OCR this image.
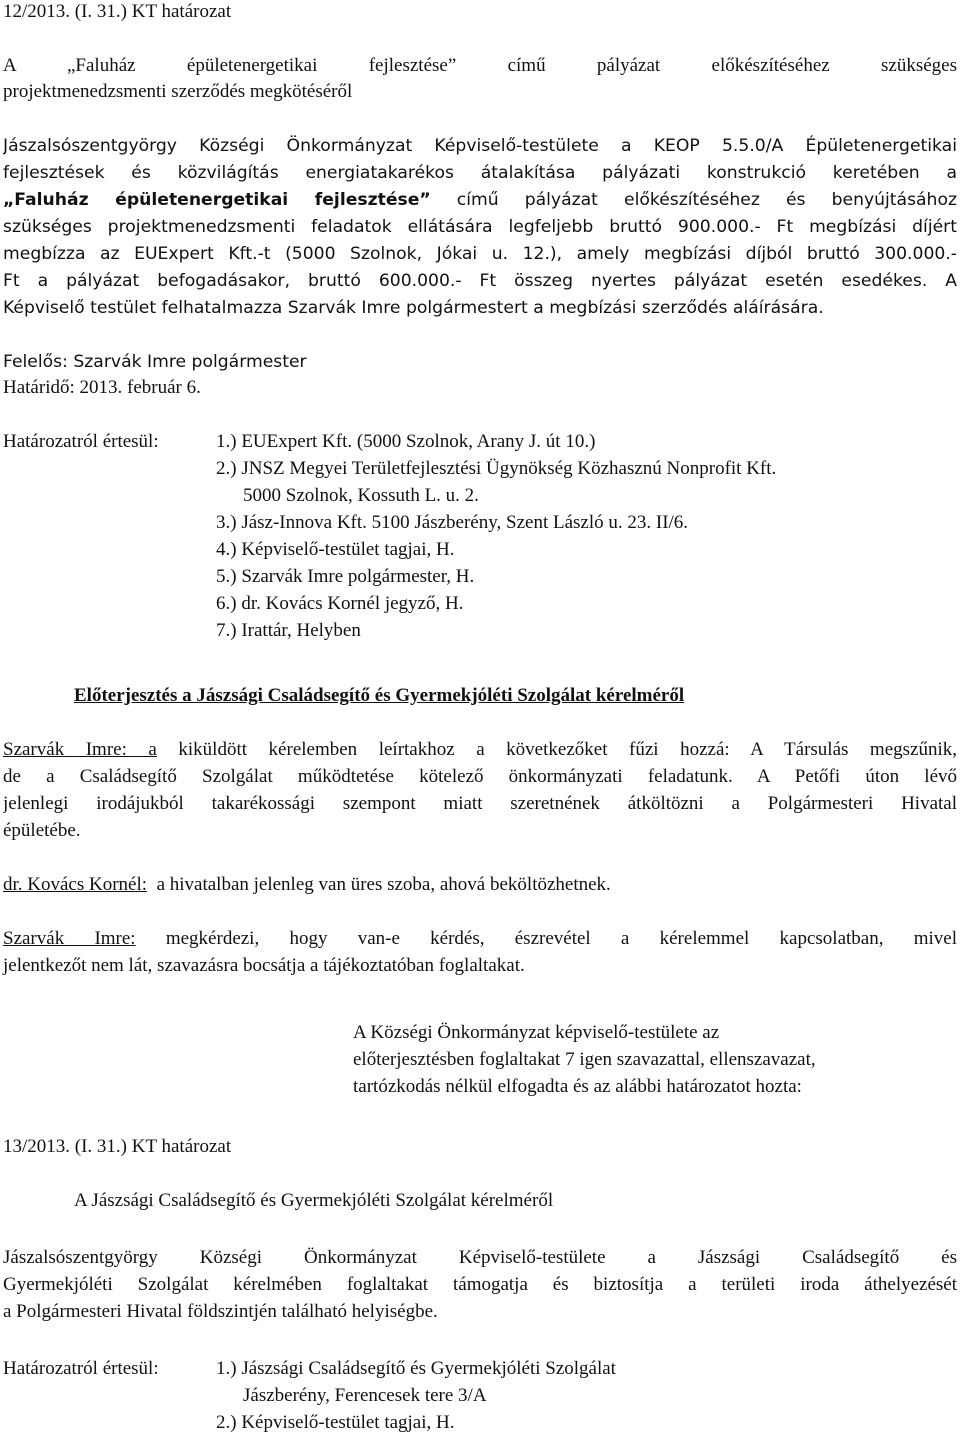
12/2013. (I. 31.) KT határozat
A „Faluház épületenergetikai fejlesztése” című pályázat előkészítéséhez szükséges
projektmenedzsmenti szerződés megkötéséről
Jászalsószentgyörgy Községi Önkormányzat Képviselő-testülete a KEOP 5.5.0/A Épületenergetikai
fejlesztések és közvilágítás energiatakarékos átalakítása pályázati konstrukció keretében a
„Faluház épületenergetikai fejlesztése” című pályázat előkészítéséhez és benyújtásához
szükséges projektmenedzsmenti feladatok ellátására legfeljebb bruttó 900.000.- Ft megbízási díjért
megbízza az EUExpert Kft.-t (5000 Szolnok, Jókai u. 12.), amely megbízási díjból bruttó 300.000.-
Ft a pályázat befogadásakor, bruttó 600.000.- Ft összeg nyertes pályázat esetén esedékes. A
Képviselő testület felhatalmazza Szarvák Imre polgármestert a megbízási szerződés aláírására.
Felelős: Szarvák Imre polgármester
Határidő: 2013. február 6.
Határozatról értesül:	1.) EUExpert Kft. (5000 Szolnok, Arany J. út 10.)
2.) JNSZ Megyei Területfejlesztési Ügynökség Közhasznú Nonprofit Kft.
5000 Szolnok, Kossuth L. u. 2.
3.) Jász-Innova Kft. 5100 Jászberény, Szent László u. 23. II/6.
4.) Képviselő-testület tagjai, H.
5.) Szarvák Imre polgármester, H.
6.) dr. Kovács Kornél jegyző, H.
7.) Irattár, Helyben
Előterjesztés a Jászsági Családsegítő és Gyermekjóléti Szolgálat kérelméről
Szarvák Imre: a kiküldött kérelemben leírtakhoz a következőket fűzi hozzá: A Társulás megszűnik,
de a Családsegítő Szolgálat működtetése kötelező önkormányzati feladatunk. A Petőfi úton lévő
jelenlegi irodájukból takarékossági szempont miatt szeretnének átköltözni a Polgármesteri Hivatal
épületébe.
dr. Kovács Kornél: a hivatalban jelenleg van üres szoba, ahová beköltözhetnek.
Szarvák Imre: megkérdezi, hogy van-e kérdés, észrevétel a kérelemmel kapcsolatban, mivel
jelentkezőt nem lát, szavazásra bocsátja a tájékoztatóban foglaltakat.
A Községi Önkormányzat képviselő-testülete az
előterjesztésben foglaltakat 7 igen szavazattal, ellenszavazat,
tartózkodás nélkül elfogadta és az alábbi határozatot hozta:
13/2013. (I. 31.) KT határozat
A Jászsági Családsegítő és Gyermekjóléti Szolgálat kérelméről
Jászalsószentgyörgy Községi Önkormányzat Képviselő-testülete a Jászsági Családsegítő és
Gyermekjóléti Szolgálat kérelmében foglaltakat támogatja és biztosítja a területi iroda áthelyezését
a Polgármesteri Hivatal földszintjén található helyiségbe.
Határozatról értesül:	1.) Jászsági Családsegítő és Gyermekjóléti Szolgálat
Jászberény, Ferencesek tere 3/A
2.) Képviselő-testület tagjai, H.
